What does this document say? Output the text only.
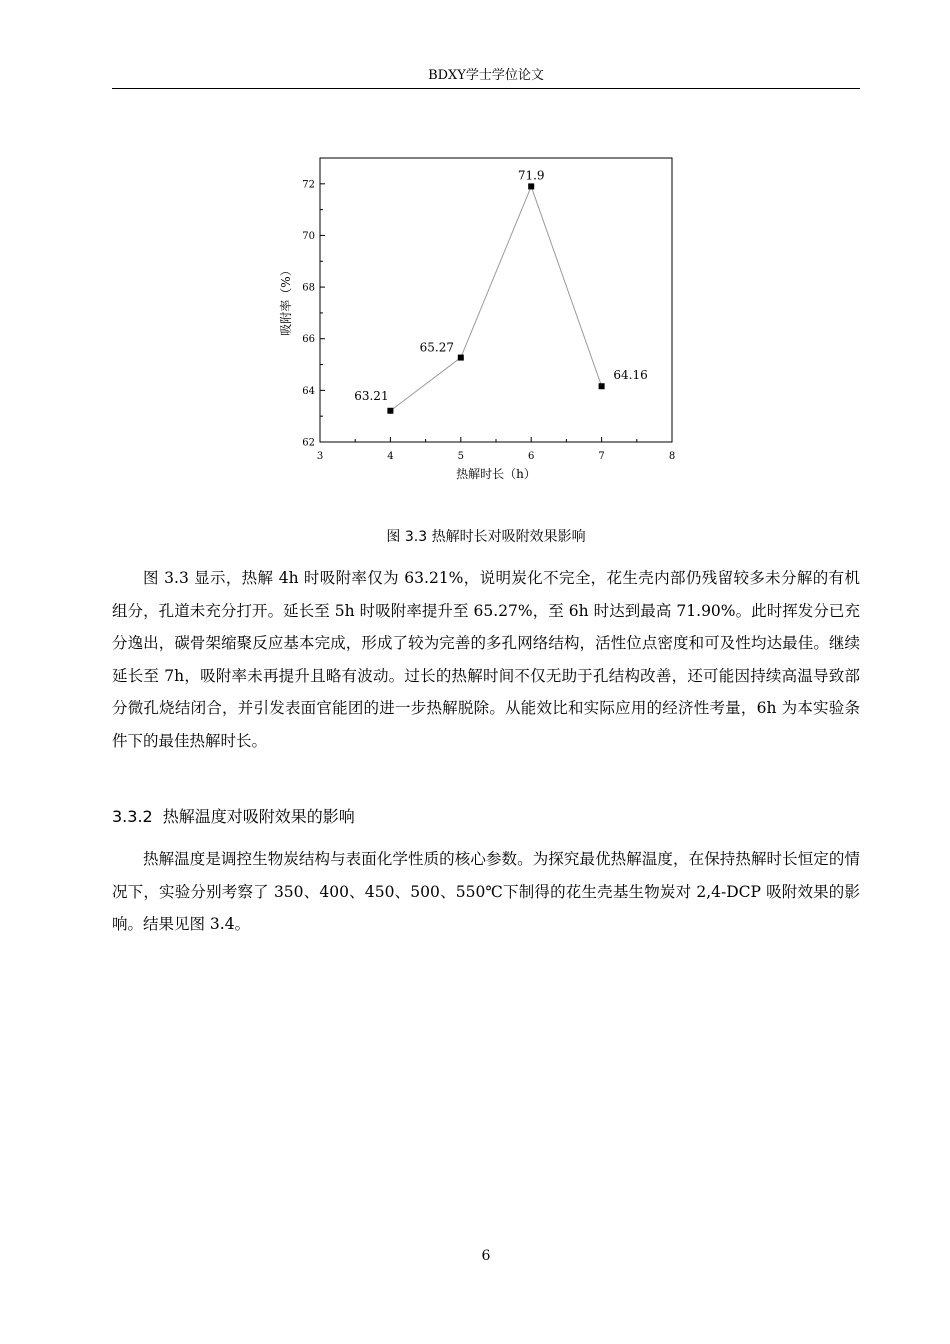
BDXY学士学位论文
3	4	5	6	7	8
62
64
66
68
70
72
热解时长（h）
吸附率（%）
63.21
65.27
71.9
64.16
图 3.3 热解时长对吸附效果影响

图 3.3 显示，热解 4h 时吸附率仅为 63.21%，说明炭化不完全，花生壳内部仍残留较多未分解的有机组分，孔道未充分打开。延长至 5h 时吸附率提升至 65.27%，至 6h 时达到最高 71.90%。此时挥发分已充分逸出，碳骨架缩聚反应基本完成，形成了较为完善的多孔网络结构，活性位点密度和可及性均达最佳。继续延长至 7h，吸附率未再提升且略有波动。过长的热解时间不仅无助于孔结构改善，还可能因持续高温导致部分微孔烧结闭合，并引发表面官能团的进一步热解脱除。从能效比和实际应用的经济性考量，6h 为本实验条件下的最佳热解时长。

3.3.2 热解温度对吸附效果的影响

热解温度是调控生物炭结构与表面化学性质的核心参数。为探究最优热解温度，在保持热解时长恒定的情况下，实验分别考察了 350、400、450、500、550℃下制得的花生壳基生物炭对 2,4-DCP 吸附效果的影响。结果见图 3.4。

6
